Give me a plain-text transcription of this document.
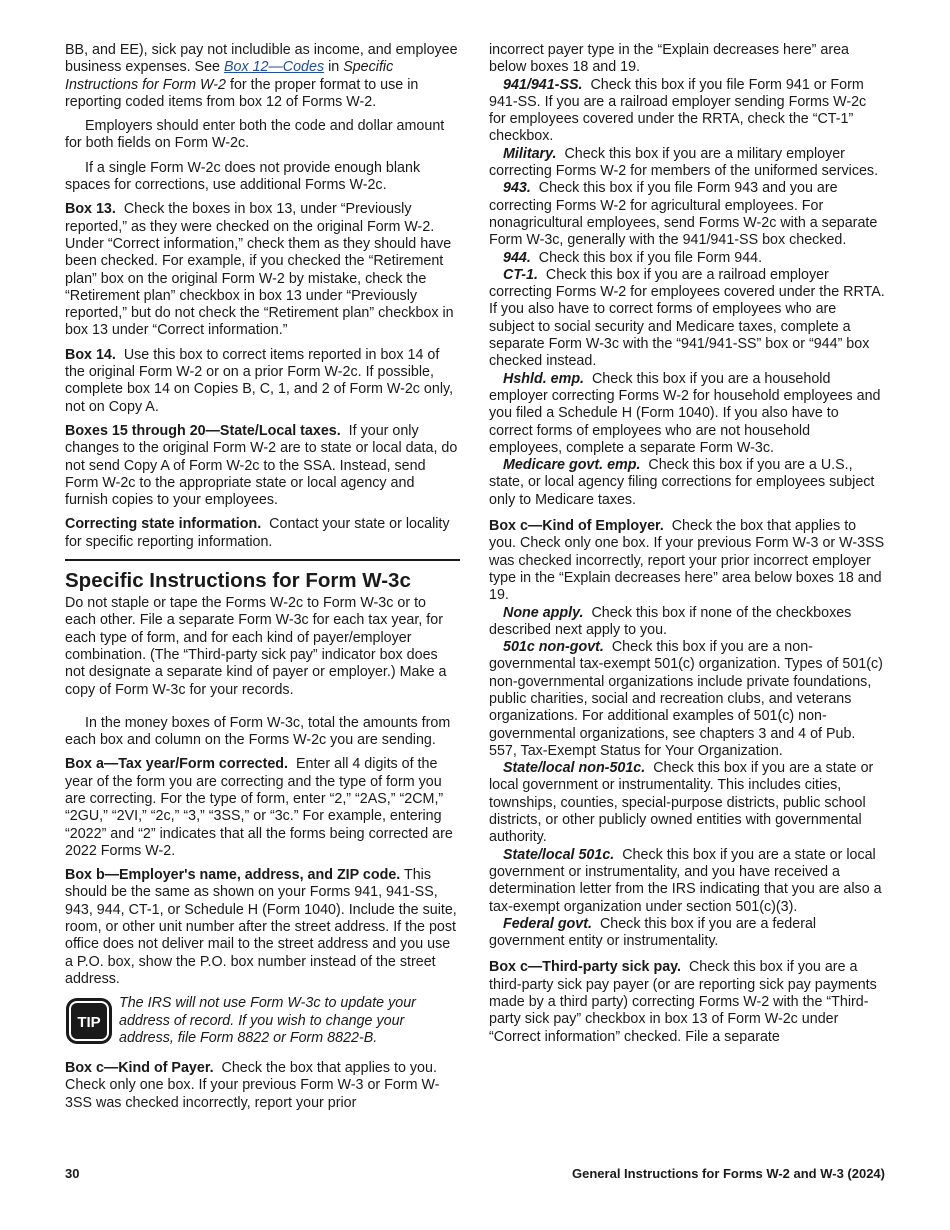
BB, and EE), sick pay not includible as income, and employee business expenses. See Box 12—Codes in Specific Instructions for Form W-2 for the proper format to use in reporting coded items from box 12 of Forms W-2.

Employers should enter both the code and dollar amount for both fields on Form W-2c.

If a single Form W-2c does not provide enough blank spaces for corrections, use additional Forms W-2c.

Box 13. Check the boxes in box 13, under “Previously reported,” as they were checked on the original Form W-2. Under “Correct information,” check them as they should have been checked. For example, if you checked the “Retirement plan” box on the original Form W-2 by mistake, check the “Retirement plan” checkbox in box 13 under “Previously reported,” but do not check the “Retirement plan” checkbox in box 13 under “Correct information.”

Box 14. Use this box to correct items reported in box 14 of the original Form W-2 or on a prior Form W-2c. If possible, complete box 14 on Copies B, C, 1, and 2 of Form W-2c only, not on Copy A.

Boxes 15 through 20—State/Local taxes. If your only changes to the original Form W-2 are to state or local data, do not send Copy A of Form W-2c to the SSA. Instead, send Form W-2c to the appropriate state or local agency and furnish copies to your employees.

Correcting state information. Contact your state or locality for specific reporting information.

Specific Instructions for Form W-3c

Do not staple or tape the Forms W-2c to Form W-3c or to each other. File a separate Form W-3c for each tax year, for each type of form, and for each kind of payer/employer combination. (The “Third-party sick pay” indicator box does not designate a separate kind of payer or employer.) Make a copy of Form W-3c for your records.

In the money boxes of Form W-3c, total the amounts from each box and column on the Forms W-2c you are sending.

Box a—Tax year/Form corrected. Enter all 4 digits of the year of the form you are correcting and the type of form you are correcting. For the type of form, enter “2,” “2AS,” “2CM,” “2GU,” “2VI,” “2c,” “3,” “3SS,” or “3c.” For example, entering “2022” and “2” indicates that all the forms being corrected are 2022 Forms W-2.

Box b—Employer's name, address, and ZIP code. This should be the same as shown on your Forms 941, 941-SS, 943, 944, CT-1, or Schedule H (Form 1040). Include the suite, room, or other unit number after the street address. If the post office does not deliver mail to the street address and you use a P.O. box, show the P.O. box number instead of the street address.

TIP

The IRS will not use Form W-3c to update your address of record. If you wish to change your address, file Form 8822 or Form 8822-B.

Box c—Kind of Payer. Check the box that applies to you. Check only one box. If your previous Form W-3 or Form W-3SS was checked incorrectly, report your prior

incorrect payer type in the “Explain decreases here” area below boxes 18 and 19.

941/941-SS. Check this box if you file Form 941 or Form 941-SS. If you are a railroad employer sending Forms W-2c for employees covered under the RRTA, check the “CT-1” checkbox.

Military. Check this box if you are a military employer correcting Forms W-2 for members of the uniformed services.

943. Check this box if you file Form 943 and you are correcting Forms W-2 for agricultural employees. For nonagricultural employees, send Forms W-2c with a separate Form W-3c, generally with the 941/941-SS box checked.

944. Check this box if you file Form 944.

CT-1. Check this box if you are a railroad employer correcting Forms W-2 for employees covered under the RRTA. If you also have to correct forms of employees who are subject to social security and Medicare taxes, complete a separate Form W-3c with the “941/941-SS” box or “944” box checked instead.

Hshld. emp. Check this box if you are a household employer correcting Forms W-2 for household employees and you filed a Schedule H (Form 1040). If you also have to correct forms of employees who are not household employees, complete a separate Form W-3c.

Medicare govt. emp. Check this box if you are a U.S., state, or local agency filing corrections for employees subject only to Medicare taxes.

Box c—Kind of Employer. Check the box that applies to you. Check only one box. If your previous Form W-3 or W-3SS was checked incorrectly, report your prior incorrect employer type in the “Explain decreases here” area below boxes 18 and 19.

None apply. Check this box if none of the checkboxes described next apply to you.

501c non-govt. Check this box if you are a non-governmental tax-exempt 501(c) organization. Types of 501(c) non-governmental organizations include private foundations, public charities, social and recreation clubs, and veterans organizations. For additional examples of 501(c) non-governmental organizations, see chapters 3 and 4 of Pub. 557, Tax-Exempt Status for Your Organization.

State/local non-501c. Check this box if you are a state or local government or instrumentality. This includes cities, townships, counties, special-purpose districts, public school districts, or other publicly owned entities with governmental authority.

State/local 501c. Check this box if you are a state or local government or instrumentality, and you have received a determination letter from the IRS indicating that you are also a tax-exempt organization under section 501(c)(3).

Federal govt. Check this box if you are a federal government entity or instrumentality.

Box c—Third-party sick pay. Check this box if you are a third-party sick pay payer (or are reporting sick pay payments made by a third party) correcting Forms W-2 with the “Third-party sick pay” checkbox in box 13 of Form W-2c under “Correct information” checked. File a separate

30	General Instructions for Forms W-2 and W-3 (2024)
